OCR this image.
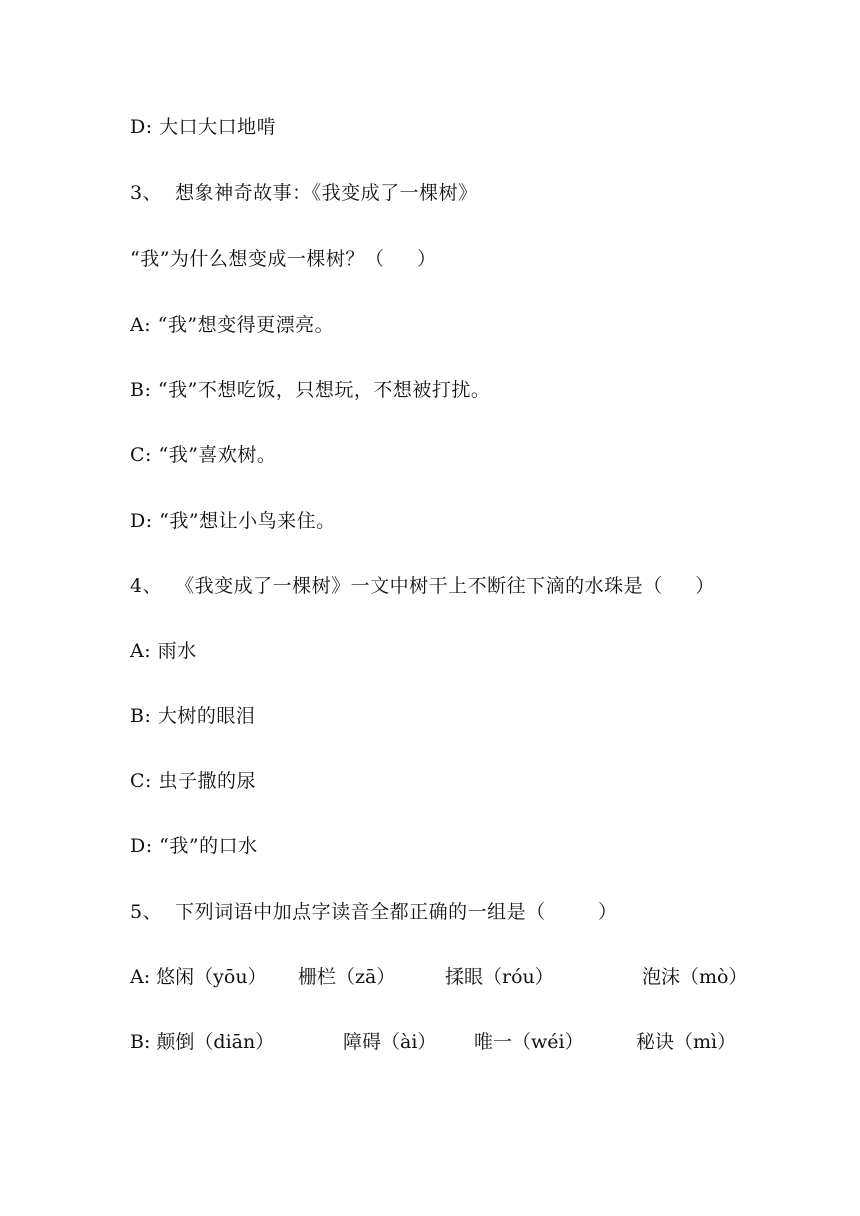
D: 大口大口地啃
3、  想象神奇故事：《我变成了一棵树》
“我”为什么想变成一棵树？（     ）
A: “我”想变得更漂亮。
B: “我”不想吃饭，只想玩，不想被打扰。
C: “我”喜欢树。
D: “我”想让小鸟来住。
4、  《我变成了一棵树》一文中树干上不断往下滴的水珠是（     ）
A: 雨水
B: 大树的眼泪
C: 虫子撒的尿
D: “我”的口水
5、  下列词语中加点字读音全都正确的一组是（        ）

A: 悠闲（yōu）

栅栏（zā）

	揉眼（róu）

	泡沫（mò）

B: 颠倒（diān）

	障碍（ài）

唯一（wéi）

	秘诀（mì）
